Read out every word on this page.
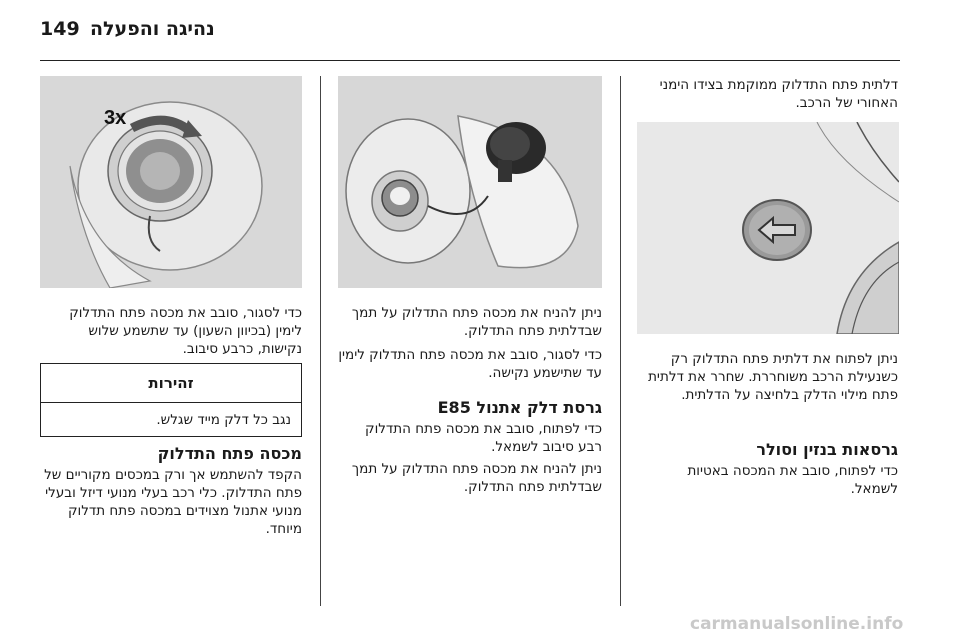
149 נהיגה והפעלה
דלתית פתח התדלוק ממוקמת בצידו הימני האחורי של הרכב.
ניתן לפתוח את דלתית פתח התדלוק רק כשנעילת הרכב משוחררת. שחרר את דלתית פתח מילוי הדלק בלחיצה על הדלתית.
גרסאות בנזין וסולר
כדי לפתוח, סובב את המכסה באטיות לשמאל.
ניתן להניח את מכסה פתח התדלוק על תמך שבדלתית פתח התדלוק.
כדי לסגור, סובב את מכסה פתח התדלוק לימין עד שתישמע נקישה.
גרסת דלק אתנול E85
כדי לפתוח, סובב את מכסה פתח התדלוק רבע סיבוב לשמאל.
ניתן להניח את מכסה פתח התדלוק על תמך שבדלתית פתח התדלוק.
3x
כדי לסגור, סובב את מכסה פתח התדלוק לימין (בכיוון השעון) עד שתשמע שלוש נקישות, כרבע סיבוב.
זהירות
נגב כל דלק מייד שגלש.
מכסה פתח התדלוק
הקפד להשתמש אך ורק במכסים מקוריים של פתח התדלוק. כלי רכב בעלי מנועי דיזל ובעלי מנועי אתנול מצוידים במכסה פתח תדלוק מיוחד.
carmanualsonline.info
